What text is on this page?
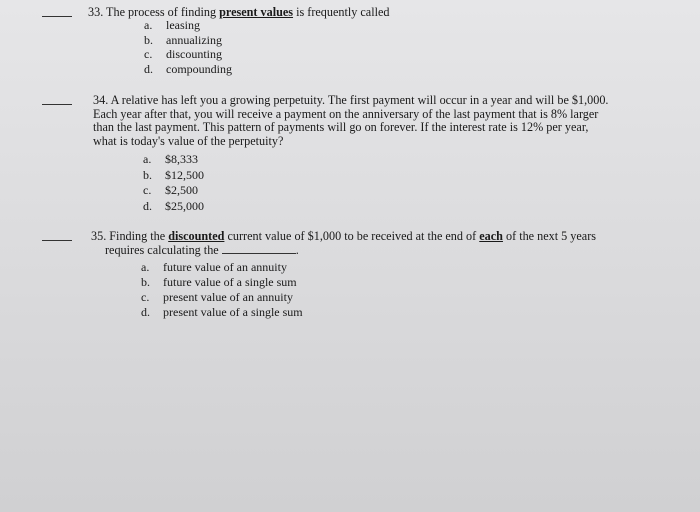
33. The process of finding present values is frequently called
a. leasing
b. annualizing
c. discounting
d. compounding
34. A relative has left you a growing perpetuity. The first payment will occur in a year and will be $1,000.
Each year after that, you will receive a payment on the anniversary of the last payment that is 8% larger
than the last payment. This pattern of payments will go on forever. If the interest rate is 12% per year,
what is today's value of the perpetuity?
a. $8,333
b. $12,500
c. $2,500
d. $25,000
35. Finding the discounted current value of $1,000 to be received at the end of each of the next 5 years
requires calculating the	.
a. future value of an annuity
b. future value of a single sum
c. present value of an annuity
d. present value of a single sum
